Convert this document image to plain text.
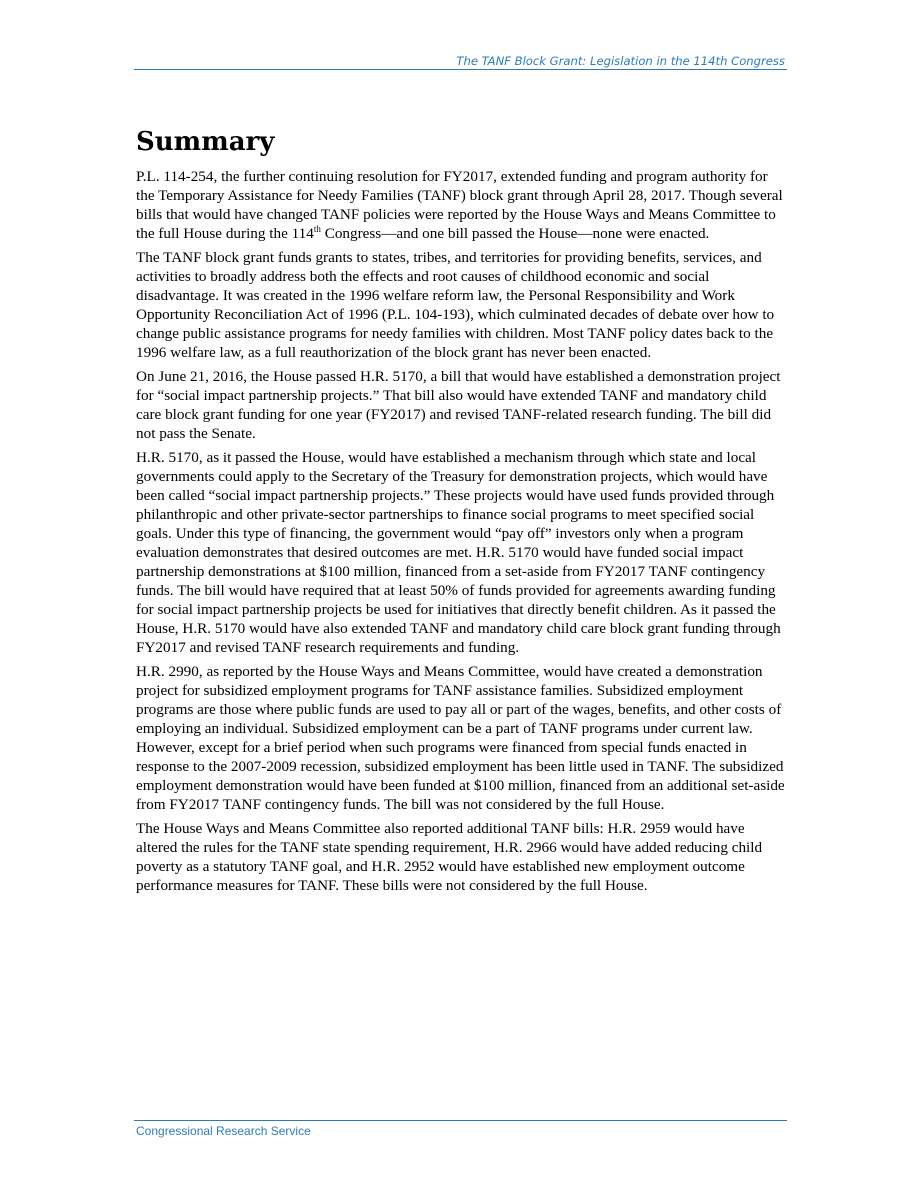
The TANF Block Grant: Legislation in the 114th Congress
Summary

P.L. 114-254, the further continuing resolution for FY2017, extended funding and program authority for the Temporary Assistance for Needy Families (TANF) block grant through April 28, 2017. Though several bills that would have changed TANF policies were reported by the House Ways and Means Committee to the full House during the 114th Congress—and one bill passed the House—none were enacted.

The TANF block grant funds grants to states, tribes, and territories for providing benefits, services, and activities to broadly address both the effects and root causes of childhood economic and social disadvantage. It was created in the 1996 welfare reform law, the Personal Responsibility and Work Opportunity Reconciliation Act of 1996 (P.L. 104-193), which culminated decades of debate over how to change public assistance programs for needy families with children. Most TANF policy dates back to the 1996 welfare law, as a full reauthorization of the block grant has never been enacted.

On June 21, 2016, the House passed H.R. 5170, a bill that would have established a demonstration project for “social impact partnership projects.” That bill also would have extended TANF and mandatory child care block grant funding for one year (FY2017) and revised TANF-related research funding. The bill did not pass the Senate.

H.R. 5170, as it passed the House, would have established a mechanism through which state and local governments could apply to the Secretary of the Treasury for demonstration projects, which would have been called “social impact partnership projects.” These projects would have used funds provided through philanthropic and other private-sector partnerships to finance social programs to meet specified social goals. Under this type of financing, the government would “pay off” investors only when a program evaluation demonstrates that desired outcomes are met. H.R. 5170 would have funded social impact partnership demonstrations at $100 million, financed from a set-aside from FY2017 TANF contingency funds. The bill would have required that at least 50% of funds provided for agreements awarding funding for social impact partnership projects be used for initiatives that directly benefit children. As it passed the House, H.R. 5170 would have also extended TANF and mandatory child care block grant funding through FY2017 and revised TANF research requirements and funding.

H.R. 2990, as reported by the House Ways and Means Committee, would have created a demonstration project for subsidized employment programs for TANF assistance families. Subsidized employment programs are those where public funds are used to pay all or part of the wages, benefits, and other costs of employing an individual. Subsidized employment can be a part of TANF programs under current law. However, except for a brief period when such programs were financed from special funds enacted in response to the 2007-2009 recession, subsidized employment has been little used in TANF. The subsidized employment demonstration would have been funded at $100 million, financed from an additional set-aside from FY2017 TANF contingency funds. The bill was not considered by the full House.

The House Ways and Means Committee also reported additional TANF bills: H.R. 2959 would have altered the rules for the TANF state spending requirement, H.R. 2966 would have added reducing child poverty as a statutory TANF goal, and H.R. 2952 would have established new employment outcome performance measures for TANF. These bills were not considered by the full House.

Congressional Research Service
